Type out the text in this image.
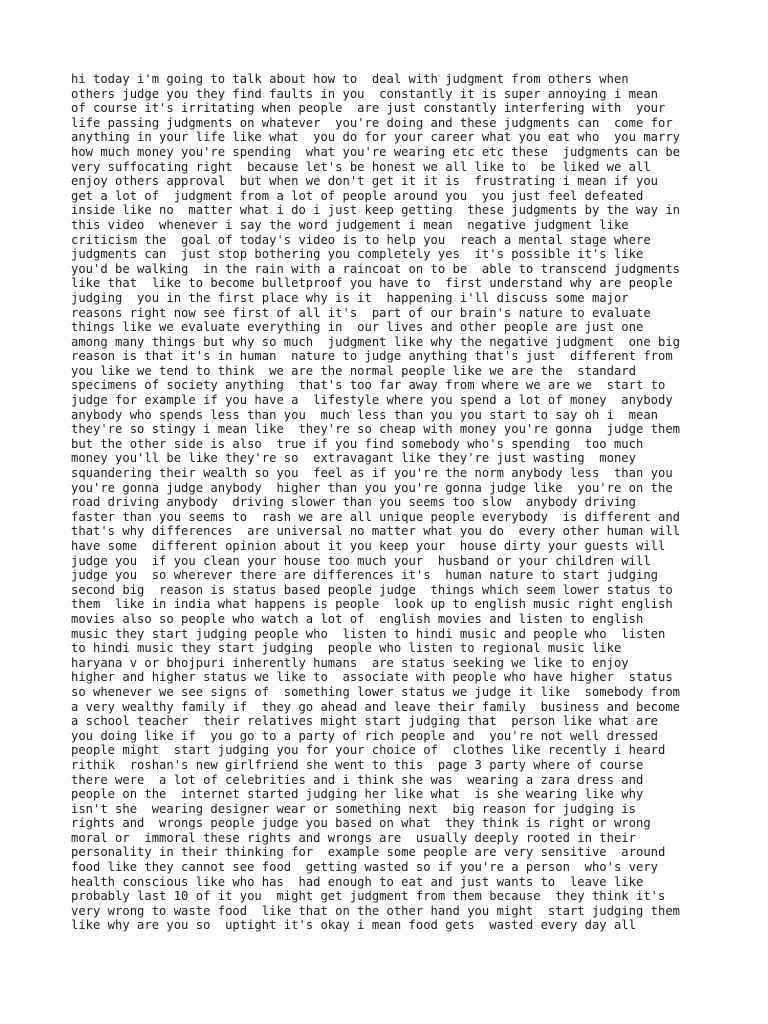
hi today i'm going to talk about how to  deal with judgment from others when
others judge you they find faults in you  constantly it is super annoying i mean
of course it's irritating when people  are just constantly interfering with  your
life passing judgments on whatever  you're doing and these judgments can  come for
anything in your life like what  you do for your career what you eat who  you marry
how much money you're spending  what you're wearing etc etc these  judgments can be
very suffocating right  because let's be honest we all like to  be liked we all
enjoy others approval  but when we don't get it it is  frustrating i mean if you
get a lot of  judgment from a lot of people around you  you just feel defeated
inside like no  matter what i do i just keep getting  these judgments by the way in
this video  whenever i say the word judgement i mean  negative judgment like
criticism the  goal of today's video is to help you  reach a mental stage where
judgments can  just stop bothering you completely yes  it's possible it's like
you'd be walking  in the rain with a raincoat on to be  able to transcend judgments
like that  like to become bulletproof you have to  first understand why are people
judging  you in the first place why is it  happening i'll discuss some major
reasons right now see first of all it's  part of our brain's nature to evaluate
things like we evaluate everything in  our lives and other people are just one
among many things but why so much  judgment like why the negative judgment  one big
reason is that it's in human  nature to judge anything that's just  different from
you like we tend to think  we are the normal people like we are the  standard
specimens of society anything  that's too far away from where we are we  start to
judge for example if you have a  lifestyle where you spend a lot of money  anybody
anybody who spends less than you  much less than you you start to say oh i  mean
they're so stingy i mean like  they're so cheap with money you're gonna  judge them
but the other side is also  true if you find somebody who's spending  too much
money you'll be like they're so  extravagant like they're just wasting  money
squandering their wealth so you  feel as if you're the norm anybody less  than you
you're gonna judge anybody  higher than you you're gonna judge like  you're on the
road driving anybody  driving slower than you seems too slow  anybody driving
faster than you seems to  rash we are all unique people everybody  is different and
that's why differences  are universal no matter what you do  every other human will
have some  different opinion about it you keep your  house dirty your guests will
judge you  if you clean your house too much your  husband or your children will
judge you  so wherever there are differences it's  human nature to start judging
second big  reason is status based people judge  things which seem lower status to
them  like in india what happens is people  look up to english music right english
movies also so people who watch a lot of  english movies and listen to english
music they start judging people who  listen to hindi music and people who  listen
to hindi music they start judging  people who listen to regional music like
haryana v or bhojpuri inherently humans  are status seeking we like to enjoy
higher and higher status we like to  associate with people who have higher  status
so whenever we see signs of  something lower status we judge it like  somebody from
a very wealthy family if  they go ahead and leave their family  business and become
a school teacher  their relatives might start judging that  person like what are
you doing like if  you go to a party of rich people and  you're not well dressed
people might  start judging you for your choice of  clothes like recently i heard
rithik  roshan's new girlfriend she went to this  page 3 party where of course
there were  a lot of celebrities and i think she was  wearing a zara dress and
people on the  internet started judging her like what  is she wearing like why
isn't she  wearing designer wear or something next  big reason for judging is
rights and  wrongs people judge you based on what  they think is right or wrong
moral or  immoral these rights and wrongs are  usually deeply rooted in their
personality in their thinking for  example some people are very sensitive  around
food like they cannot see food  getting wasted so if you're a person  who's very
health conscious like who has  had enough to eat and just wants to  leave like
probably last 10 of it you  might get judgment from them because  they think it's
very wrong to waste food  like that on the other hand you might  start judging them
like why are you so  uptight it's okay i mean food gets  wasted every day all
